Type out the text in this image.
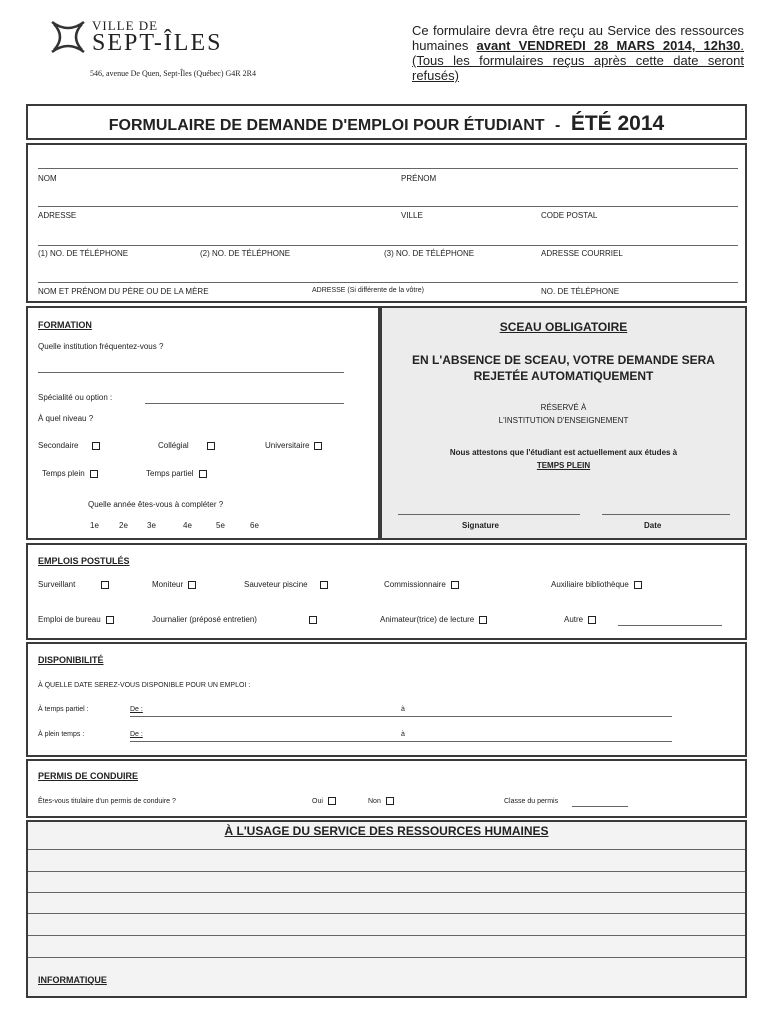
VILLE DE
SEPT-ÎLES
546, avenue De Quen, Sept-Îles (Québec) G4R 2R4
Ce formulaire devra être reçu au Service des ressources humaines avant VENDREDI 28 MARS 2014, 12h30. (Tous les formulaires reçus après cette date seront refusés)
FORMULAIRE DE DEMANDE D'EMPLOI POUR ÉTUDIANT - ÉTÉ 2014
NOM	PRÉNOM
ADRESSE	VILLE	CODE POSTAL
(1) NO. DE TÉLÉPHONE	(2) NO. DE TÉLÉPHONE	(3) NO. DE TÉLÉPHONE	ADRESSE COURRIEL
NOM ET PRÉNOM DU PÈRE OU DE LA MÈRE	ADRESSE (Si différente de la vôtre)	NO. DE TÉLÉPHONE
FORMATION
Quelle institution fréquentez-vous ?
Spécialité ou option :
À quel niveau ?
Secondaire	Collégial	Universitaire
Temps plein	Temps partiel
Quelle année êtes-vous à compléter ?
1e	2e 3e	4e	5e	6e
SCEAU OBLIGATOIRE
EN L'ABSENCE DE SCEAU, VOTRE DEMANDE SERA REJETÉE AUTOMATIQUEMENT
RÉSERVÉ À
L'INSTITUTION D'ENSEIGNEMENT
Nous attestons que l'étudiant est actuellement aux études à TEMPS PLEIN
Signature	Date
EMPLOIS POSTULÉS
Surveillant	Moniteur	Sauveteur piscine	Commissionnaire	Auxiliaire bibliothèque
Emploi de bureau	Journalier (préposé entretien)	Animateur(trice) de lecture	Autre
DISPONIBILITÉ
À QUELLE DATE SEREZ-VOUS DISPONIBLE POUR UN EMPLOI :
À temps partiel :	De :	à
À plein temps :	De :	à
PERMIS DE CONDUIRE
Êtes-vous titulaire d'un permis de conduire ?	Oui	Non	Classe du permis
À L'USAGE DU SERVICE DES RESSOURCES HUMAINES
INFORMATIQUE
